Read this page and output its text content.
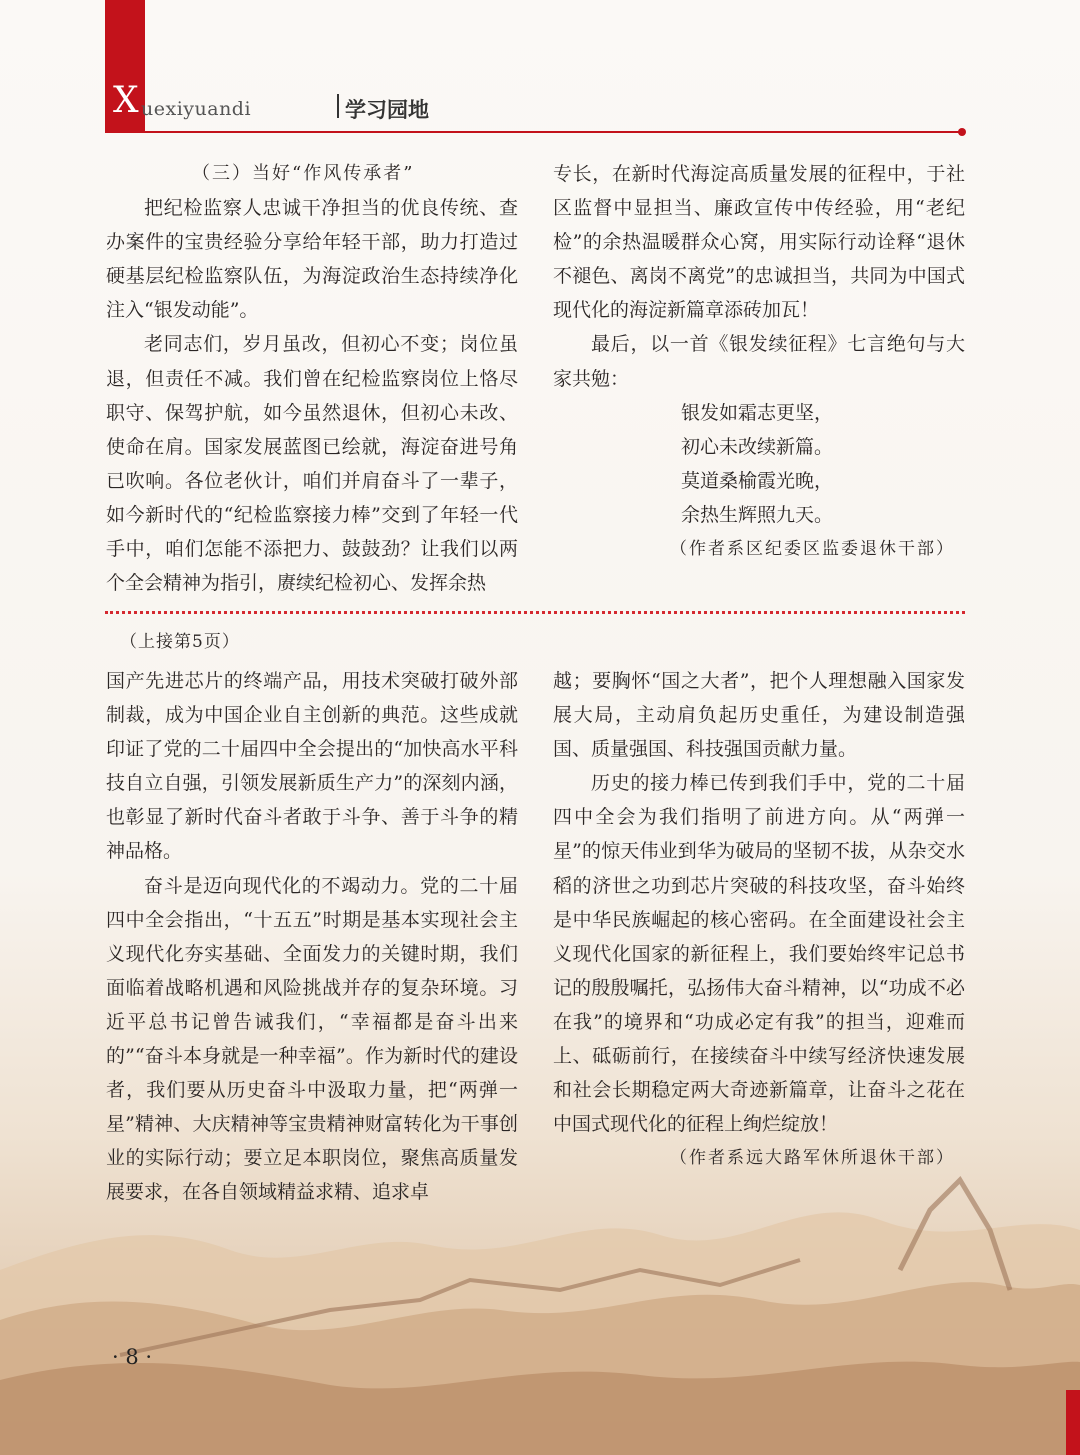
X uexiyuandi	学习园地

（三）当好“作风传承者”

把纪检监察人忠诚干净担当的优良传统、查办案件的宝贵经验分享给年轻干部，助力打造过硬基层纪检监察队伍，为海淀政治生态持续净化注入“银发动能”。

老同志们，岁月虽改，但初心不变；岗位虽退，但责任不减。我们曾在纪检监察岗位上恪尽职守、保驾护航，如今虽然退休，但初心未改、使命在肩。国家发展蓝图已绘就，海淀奋进号角已吹响。各位老伙计，咱们并肩奋斗了一辈子，如今新时代的“纪检监察接力棒”交到了年轻一代手中，咱们怎能不添把力、鼓鼓劲？让我们以两个全会精神为指引，赓续纪检初心、发挥余热

专长，在新时代海淀高质量发展的征程中，于社区监督中显担当、廉政宣传中传经验，用“老纪检”的余热温暖群众心窝，用实际行动诠释“退休不褪色、离岗不离党”的忠诚担当，共同为中国式现代化的海淀新篇章添砖加瓦！

最后，以一首《银发续征程》七言绝句与大家共勉：

银发如霜志更坚，
初心未改续新篇。
莫道桑榆霞光晚，
余热生辉照九天。

（作者系区纪委区监委退休干部）

（上接第5页）

国产先进芯片的终端产品，用技术突破打破外部制裁，成为中国企业自主创新的典范。这些成就印证了党的二十届四中全会提出的“加快高水平科技自立自强，引领发展新质生产力”的深刻内涵，也彰显了新时代奋斗者敢于斗争、善于斗争的精神品格。

奋斗是迈向现代化的不竭动力。党的二十届四中全会指出，“十五五”时期是基本实现社会主义现代化夯实基础、全面发力的关键时期，我们面临着战略机遇和风险挑战并存的复杂环境。习近平总书记曾告诫我们，“幸福都是奋斗出来的”“奋斗本身就是一种幸福”。作为新时代的建设者，我们要从历史奋斗中汲取力量，把“两弹一星”精神、大庆精神等宝贵精神财富转化为干事创业的实际行动；要立足本职岗位，聚焦高质量发展要求，在各自领域精益求精、追求卓

越；要胸怀“国之大者”，把个人理想融入国家发展大局，主动肩负起历史重任，为建设制造强国、质量强国、科技强国贡献力量。

历史的接力棒已传到我们手中，党的二十届四中全会为我们指明了前进方向。从“两弹一星”的惊天伟业到华为破局的坚韧不拔，从杂交水稻的济世之功到芯片突破的科技攻坚，奋斗始终是中华民族崛起的核心密码。在全面建设社会主义现代化国家的新征程上，我们要始终牢记总书记的殷殷嘱托，弘扬伟大奋斗精神，以“功成不必在我”的境界和“功成必定有我”的担当，迎难而上、砥砺前行，在接续奋斗中续写经济快速发展和社会长期稳定两大奇迹新篇章，让奋斗之花在中国式现代化的征程上绚烂绽放！

（作者系远大路军休所退休干部）

· 8 ·
